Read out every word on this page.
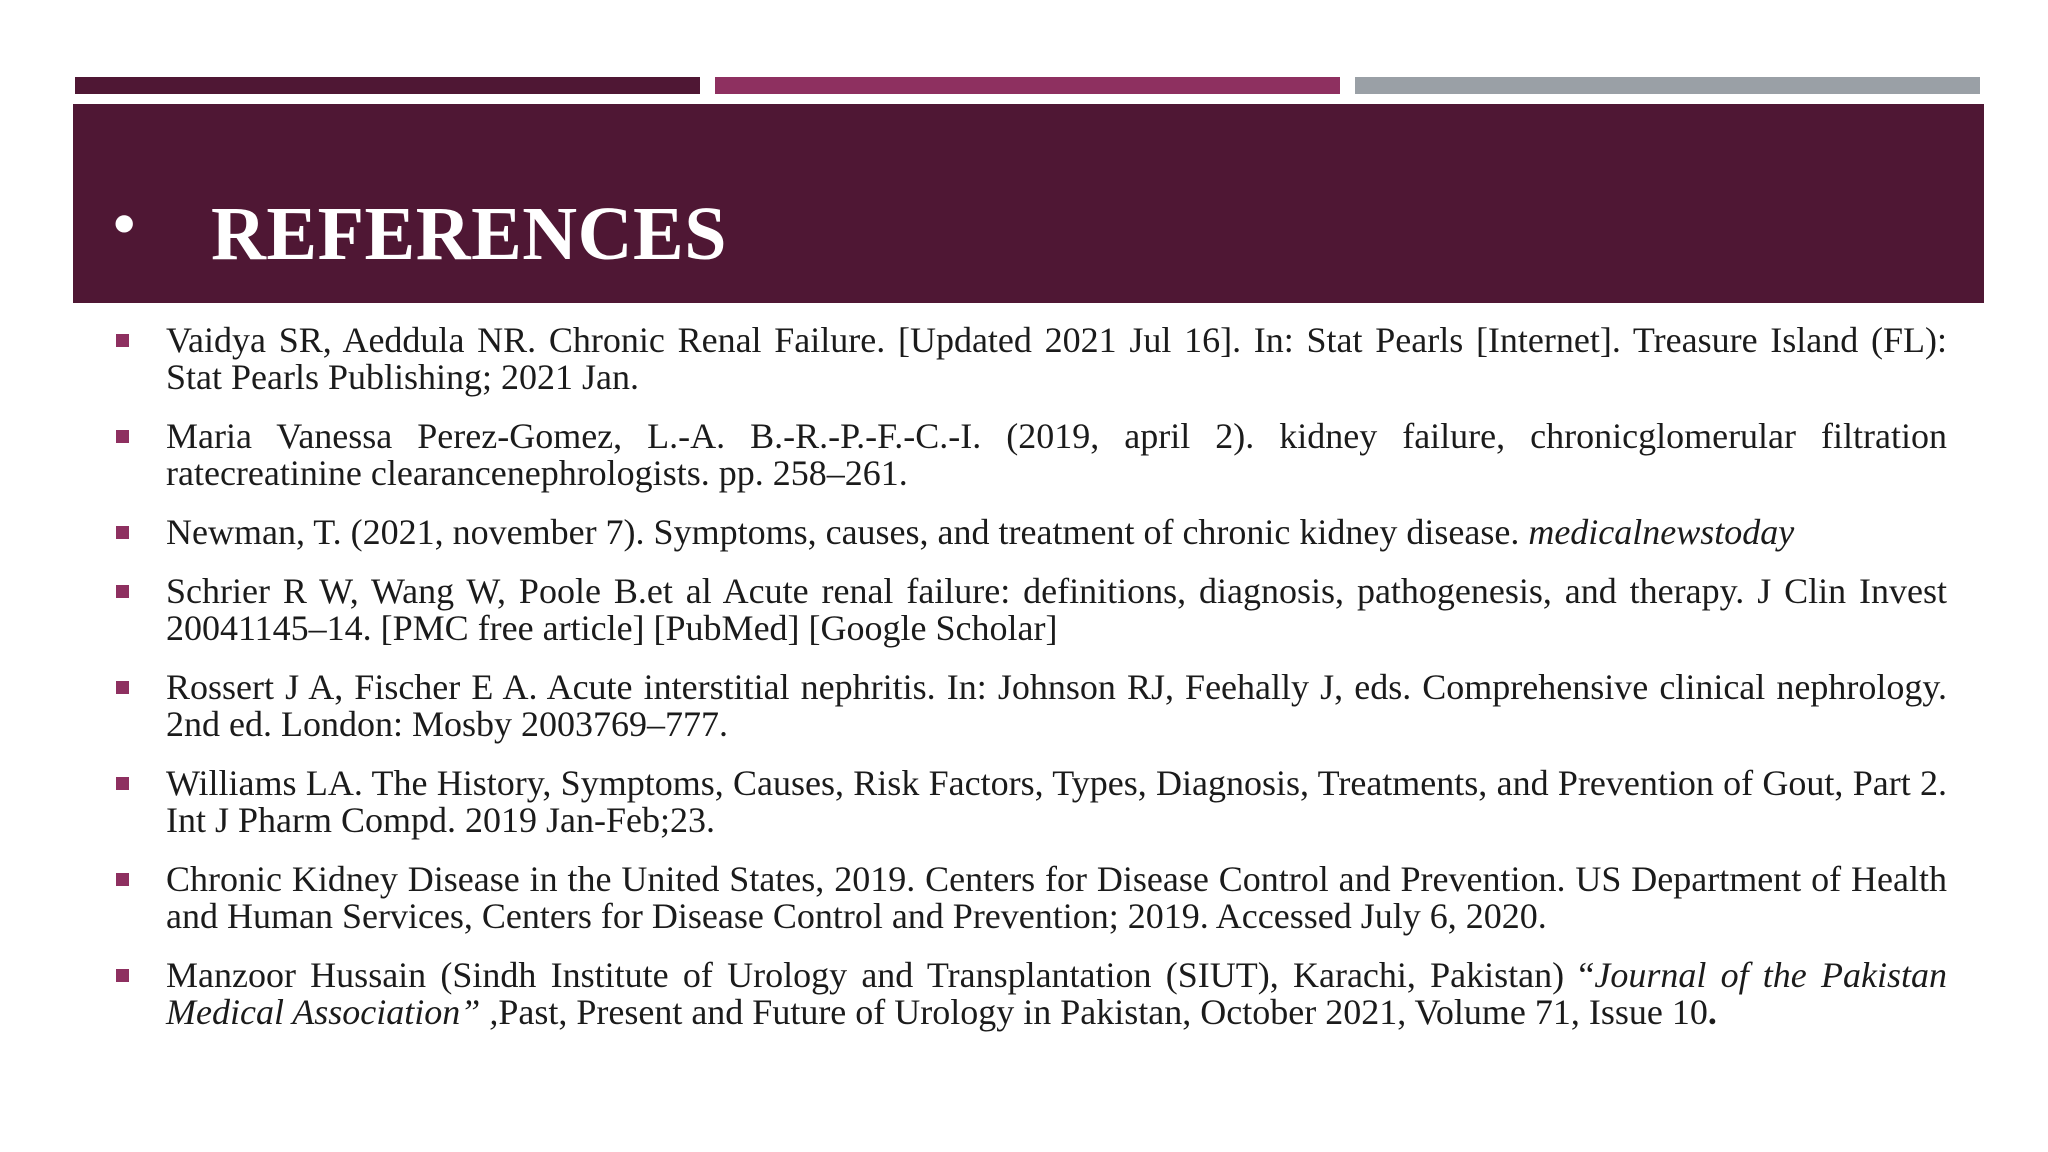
• REFERENCES
Vaidya SR, Aeddula NR. Chronic Renal Failure. [Updated 2021 Jul 16]. In: Stat Pearls [Internet]. Treasure Island (FL): Stat Pearls Publishing; 2021 Jan.
Maria Vanessa Perez-Gomez, L.-A. B.-R.-P.-F.-C.-I. (2019, april 2). kidney failure, chronicglomerular filtration ratecreatinine clearancenephrologists. pp. 258–261.
Newman, T. (2021, november 7). Symptoms, causes, and treatment of chronic kidney disease. medicalnewstoday
Schrier R W, Wang W, Poole B.et al Acute renal failure: definitions, diagnosis, pathogenesis, and therapy. J Clin Invest 20041145–14. [PMC free article] [PubMed] [Google Scholar]
Rossert J A, Fischer E A. Acute interstitial nephritis. In: Johnson RJ, Feehally J, eds. Comprehensive clinical nephrology. 2nd ed. London: Mosby 2003769–777.
Williams LA. The History, Symptoms, Causes, Risk Factors, Types, Diagnosis, Treatments, and Prevention of Gout, Part 2. Int J Pharm Compd. 2019 Jan-Feb;23.
Chronic Kidney Disease in the United States, 2019. Centers for Disease Control and Prevention. US Department of Health and Human Services, Centers for Disease Control and Prevention; 2019. Accessed July 6, 2020.
Manzoor Hussain (Sindh Institute of Urology and Transplantation (SIUT), Karachi, Pakistan) “Journal of the Pakistan Medical Association” ,Past, Present and Future of Urology in Pakistan, October 2021, Volume 71, Issue 10.
